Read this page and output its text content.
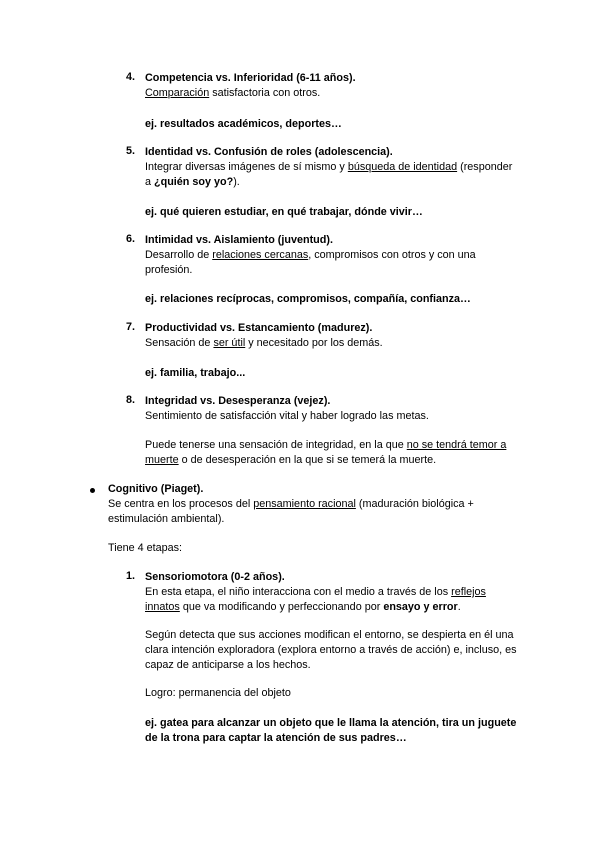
4. Competencia vs. Inferioridad (6-11 años).
Comparación satisfactoria con otros.
ej. resultados académicos, deportes…
5. Identidad vs. Confusión de roles (adolescencia).
Integrar diversas imágenes de sí mismo y búsqueda de identidad (responder
a ¿quién soy yo?).
ej. qué quieren estudiar, en qué trabajar, dónde vivir…
6. Intimidad vs. Aislamiento (juventud).
Desarrollo de relaciones cercanas, compromisos con otros y con una
profesión.
ej. relaciones recíprocas, compromisos, compañía, confianza…
7. Productividad vs. Estancamiento (madurez).
Sensación de ser útil y necesitado por los demás.
ej. familia, trabajo...
8. Integridad vs. Desesperanza (vejez).
Sentimiento de satisfacción vital y haber logrado las metas.
Puede tenerse una sensación de integridad, en la que no se tendrá temor a
muerte o de desesperación en la que si se temerá la muerte.
Cognitivo (Piaget).
Se centra en los procesos del pensamiento racional (maduración biológica +
estimulación ambiental).
Tiene 4 etapas:
1. Sensoriomotora (0-2 años).
En esta etapa, el niño interacciona con el medio a través de los reflejos
innatos que va modificando y perfeccionando por ensayo y error.
Según detecta que sus acciones modifican el entorno, se despierta en él una
clara intención exploradora (explora entorno a través de acción) e, incluso, es
capaz de anticiparse a los hechos.
Logro: permanencia del objeto
ej. gatea para alcanzar un objeto que le llama la atención, tira un juguete
de la trona para captar la atención de sus padres…
